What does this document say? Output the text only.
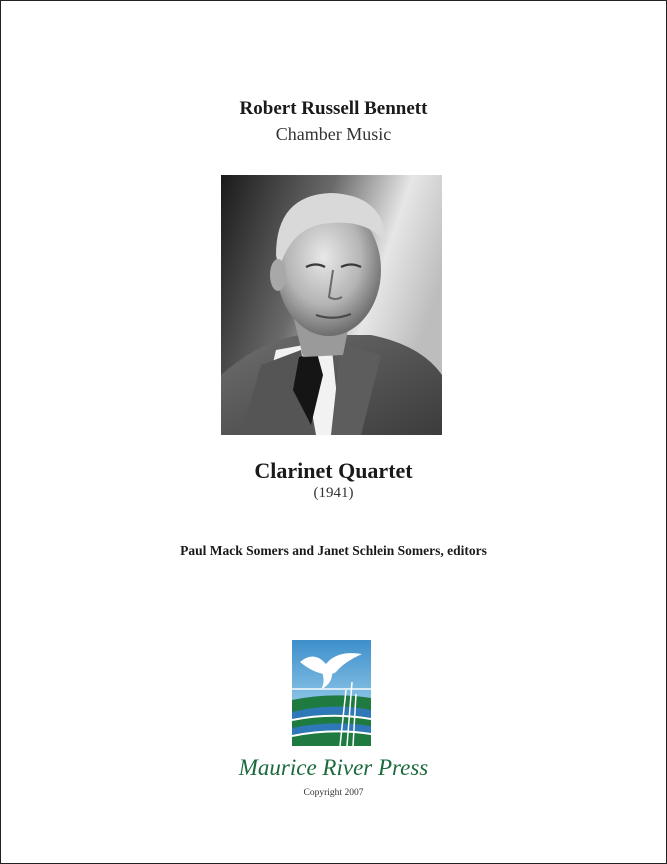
Robert Russell Bennett
Chamber Music
Clarinet Quartet
(1941)
Paul Mack Somers and Janet Schlein Somers, editors
Maurice River Press
Copyright 2007
